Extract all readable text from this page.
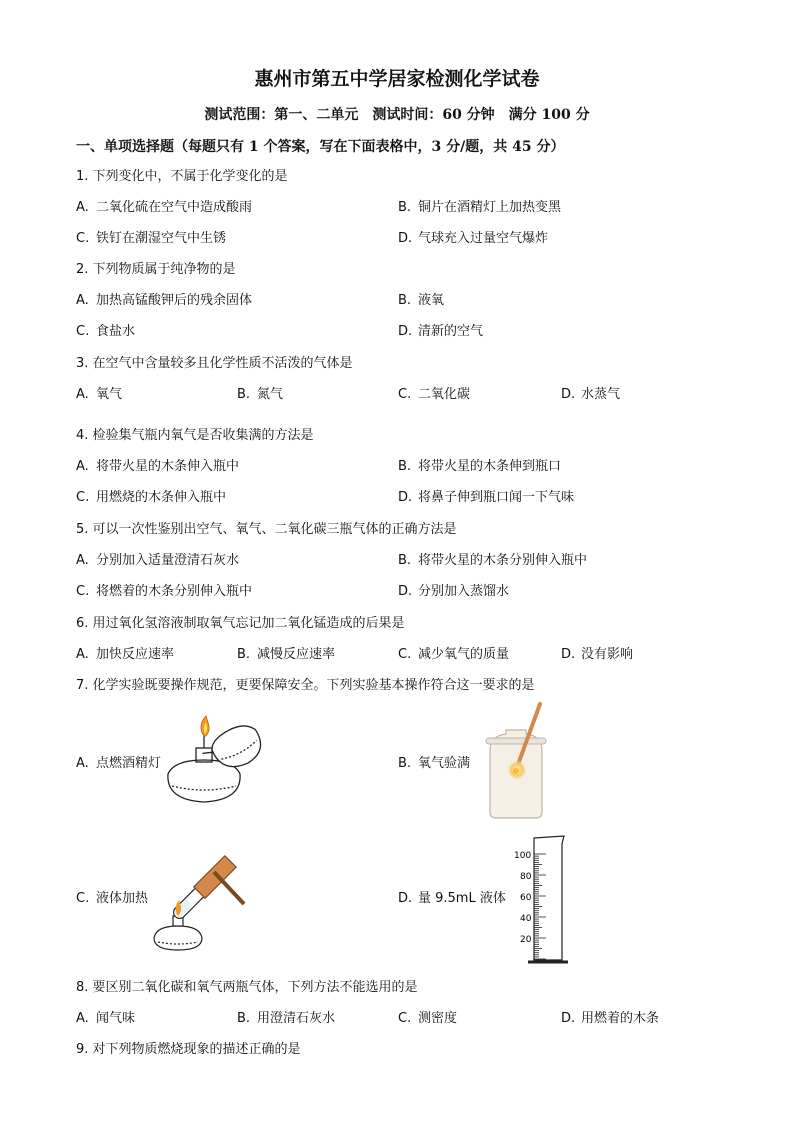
惠州市第五中学居家检测化学试卷
测试范围：第一、二单元　测试时间：60 分钟　满分 100 分
一、单项选择题（每题只有 1 个答案，写在下面表格中，3 分/题，共 45 分）
1. 下列变化中，不属于化学变化的是
A. 二氧化硫在空气中造成酸雨	B. 铜片在酒精灯上加热变黑
C. 铁钉在潮湿空气中生锈	D. 气球充入过量空气爆炸
2. 下列物质属于纯净物的是
A. 加热高锰酸钾后的残余固体	B. 液氧
C. 食盐水	D. 清新的空气
3. 在空气中含量较多且化学性质不活泼的气体是
A. 氧气	B. 氮气	C. 二氧化碳	D. 水蒸气
4. 检验集气瓶内氧气是否收集满的方法是
A. 将带火星的木条伸入瓶中	B. 将带火星的木条伸到瓶口
C. 用燃烧的木条伸入瓶中	D. 将鼻子伸到瓶口闻一下气味
5. 可以一次性鉴别出空气、氧气、二氧化碳三瓶气体的正确方法是
A. 分别加入适量澄清石灰水	B. 将带火星的木条分别伸入瓶中
C. 将燃着的木条分别伸入瓶中	D. 分别加入蒸馏水
6. 用过氧化氢溶液制取氧气忘记加二氧化锰造成的后果是
A. 加快反应速率	B. 减慢反应速率	C. 减少氧气的质量	D. 没有影响
7. 化学实验既要操作规范，更要保障安全。下列实验基本操作符合这一要求的是
A. 点燃酒精灯	B. 氧气验满
C. 液体加热	D. 量 9.5mL 液体
100
80
60
40
20
8. 要区别二氧化碳和氧气两瓶气体，下列方法不能选用的是
A. 闻气味	B. 用澄清石灰水	C. 测密度	D. 用燃着的木条
9. 对下列物质燃烧现象的描述正确的是
